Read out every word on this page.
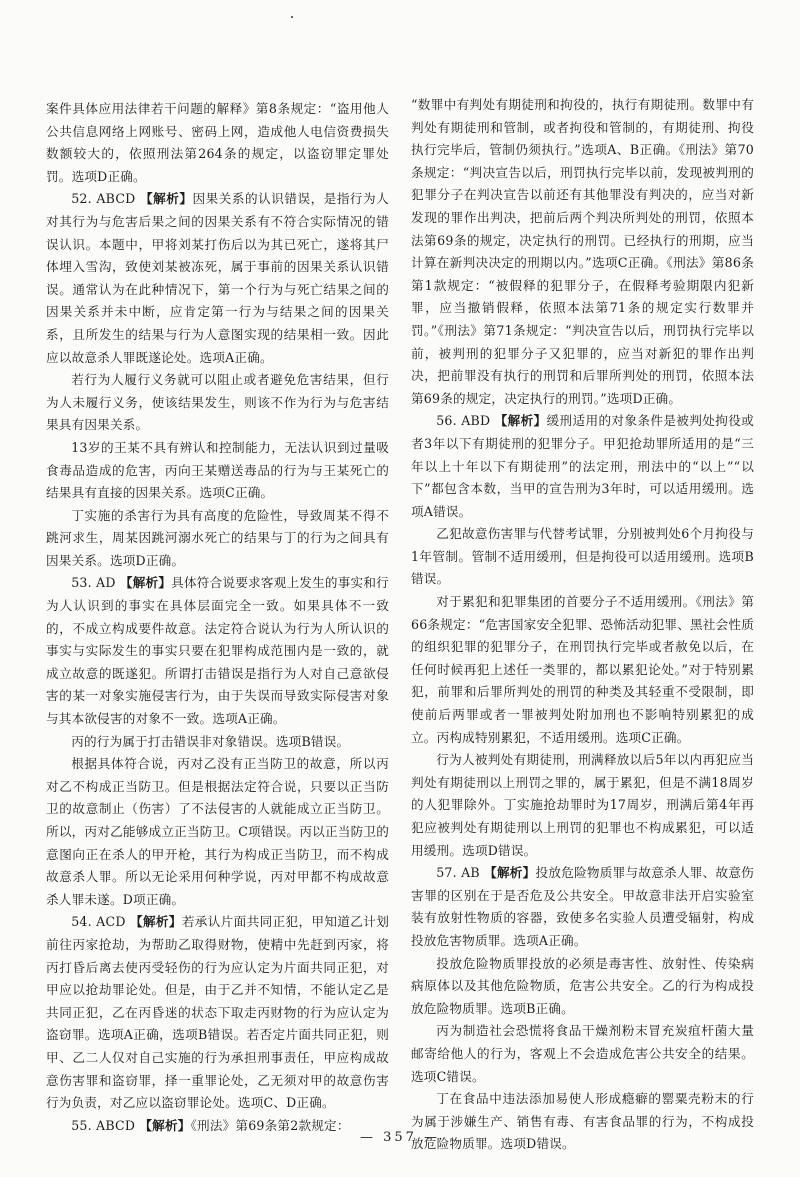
案件具体应用法律若干问题的解释》第8条规定：“盗用他人公共信息网络上网账号、密码上网，造成他人电信资费损失数额较大的，依照刑法第264条的规定，以盗窃罪定罪处罚。选项D正确。

52. ABCD 【解析】因果关系的认识错误，是指行为人对其行为与危害后果之间的因果关系有不符合实际情况的错误认识。本题中，甲将刘某打伤后以为其已死亡，遂将其尸体埋入雪沟，致使刘某被冻死，属于事前的因果关系认识错误。通常认为在此种情况下，第一个行为与死亡结果之间的因果关系并未中断，应肯定第一行为与结果之间的因果关系，且所发生的结果与行为人意图实现的结果相一致。因此应以故意杀人罪既遂论处。选项A正确。

若行为人履行义务就可以阻止或者避免危害结果，但行为人未履行义务，使该结果发生，则该不作为行为与危害结果具有因果关系。

13岁的王某不具有辨认和控制能力，无法认识到过量吸食毒品造成的危害，丙向王某赠送毒品的行为与王某死亡的结果具有直接的因果关系。选项C正确。

丁实施的杀害行为具有高度的危险性，导致周某不得不跳河求生，周某因跳河溺水死亡的结果与丁的行为之间具有因果关系。选项D正确。

53. AD 【解析】具体符合说要求客观上发生的事实和行为人认识到的事实在具体层面完全一致。如果具体不一致的，不成立构成要件故意。法定符合说认为行为人所认识的事实与实际发生的事实只要在犯罪构成范围内是一致的，就成立故意的既遂犯。所谓打击错误是指行为人对自己意欲侵害的某一对象实施侵害行为，由于失误而导致实际侵害对象与其本欲侵害的对象不一致。选项A正确。

丙的行为属于打击错误非对象错误。选项B错误。

根据具体符合说，丙对乙没有正当防卫的故意，所以丙对乙不构成正当防卫。但是根据法定符合说，只要以正当防卫的故意制止（伤害）了不法侵害的人就能成立正当防卫。所以，丙对乙能够成立正当防卫。C项错误。丙以正当防卫的意图向正在杀人的甲开枪，其行为构成正当防卫，而不构成故意杀人罪。所以无论采用何种学说，丙对甲都不构成故意杀人罪未遂。D项正确。

54. ACD 【解析】若承认片面共同正犯，甲知道乙计划前往丙家抢劫，为帮助乙取得财物，使精中先赶到丙家，将丙打昏后离去使丙受轻伤的行为应认定为片面共同正犯，对甲应以抢劫罪论处。但是，由于乙并不知情，不能认定乙是共同正犯，乙在丙昏迷的状态下取走丙财物的行为应认定为盗窃罪。选项A正确，选项B错误。若否定片面共同正犯，则甲、乙二人仅对自己实施的行为承担刑事责任，甲应构成故意伤害罪和盗窃罪，择一重罪论处，乙无须对甲的故意伤害行为负责，对乙应以盗窃罪论处。选项C、D正确。

55. ABCD 【解析】《刑法》第69条第2款规定：

“数罪中有判处有期徒刑和拘役的，执行有期徒刑。数罪中有判处有期徒刑和管制，或者拘役和管制的，有期徒刑、拘役执行完毕后，管制仍须执行。”选项A、B正确。《刑法》第70条规定：“判决宣告以后，刑罚执行完毕以前，发现被判刑的犯罪分子在判决宣告以前还有其他罪没有判决的，应当对新发现的罪作出判决，把前后两个判决所判处的刑罚，依照本法第69条的规定，决定执行的刑罚。已经执行的刑期，应当计算在新判决决定的刑期以内。”选项C正确。《刑法》第86条第1款规定：“被假释的犯罪分子，在假释考验期限内犯新罪，应当撤销假释，依照本法第71条的规定实行数罪并罚。”《刑法》第71条规定：“判决宣告以后，刑罚执行完毕以前，被判刑的犯罪分子又犯罪的，应当对新犯的罪作出判决，把前罪没有执行的刑罚和后罪所判处的刑罚，依照本法第69条的规定，决定执行的刑罚。”选项D正确。

56. ABD 【解析】缓刑适用的对象条件是被判处拘役或者3年以下有期徒刑的犯罪分子。甲犯抢劫罪所适用的是“三年以上十年以下有期徒刑”的法定刑，刑法中的“以上”“以下”都包含本数，当甲的宣告刑为3年时，可以适用缓刑。选项A错误。

乙犯故意伤害罪与代替考试罪，分别被判处6个月拘役与1年管制。管制不适用缓刑，但是拘役可以适用缓刑。选项B错误。

对于累犯和犯罪集团的首要分子不适用缓刑。《刑法》第66条规定：“危害国家安全犯罪、恐怖活动犯罪、黑社会性质的组织犯罪的犯罪分子，在刑罚执行完毕或者赦免以后，在任何时候再犯上述任一类罪的，都以累犯论处。”对于特别累犯，前罪和后罪所判处的刑罚的种类及其轻重不受限制，即使前后两罪或者一罪被判处附加刑也不影响特别累犯的成立。丙构成特别累犯，不适用缓刑。选项C正确。

行为人被判处有期徒刑，刑满释放以后5年以内再犯应当判处有期徒刑以上刑罚之罪的，属于累犯，但是不满18周岁的人犯罪除外。丁实施抢劫罪时为17周岁，刑满后第4年再犯应被判处有期徒刑以上刑罚的犯罪也不构成累犯，可以适用缓刑。选项D错误。

57. AB 【解析】投放危险物质罪与故意杀人罪、故意伤害罪的区别在于是否危及公共安全。甲故意非法开启实验室装有放射性物质的容器，致使多名实验人员遭受辐射，构成投放危害物质罪。选项A正确。

投放危险物质罪投放的必须是毒害性、放射性、传染病病原体以及其他危险物质，危害公共安全。乙的行为构成投放危险物质罪。选项B正确。

丙为制造社会恐慌将食品干燥剂粉末冒充炭疽杆菌大量邮寄给他人的行为，客观上不会造成危害公共安全的结果。选项C错误。

丁在食品中违法添加易使人形成瘾癖的罂粟壳粉末的行为属于涉嫌生产、销售有毒、有害食品罪的行为，不构成投放危险物质罪。选项D错误。

— 357 —
